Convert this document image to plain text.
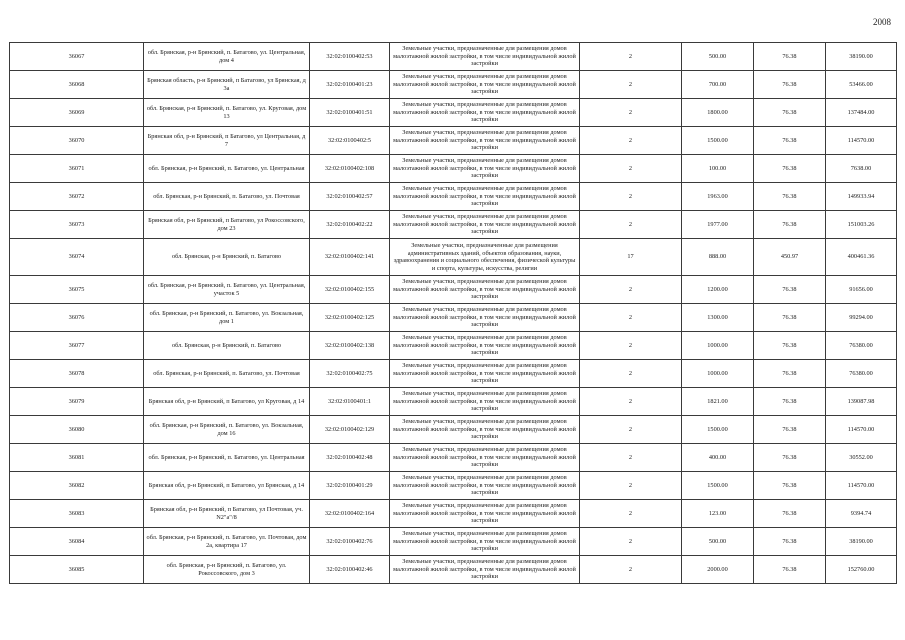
2008
36067	обл. Брянская, р-н Брянский, п. Батагово, ул. Центральная, дом 4	32:02:0100402:53	Земельные участки, предназначенные для размещения домов малоэтажной жилой застройки, в том числе индивидуальной жилой застройки	2	500.00	76.38	38190.00
36068	Брянская область, р-н Брянский, п Батагово, ул Брянская, д 3а	32:02:0100401:23	Земельные участки, предназначенные для размещения домов малоэтажной жилой застройки, в том числе индивидуальной жилой застройки	2	700.00	76.38	53466.00
36069	обл. Брянская, р-н Брянский, п. Батагово, ул. Круговая, дом 13	32:02:0100401:51	Земельные участки, предназначенные для размещения домов малоэтажной жилой застройки, в том числе индивидуальной жилой застройки	2	1800.00	76.38	137484.00
36070	Брянская обл, р-н Брянский, п Батагово, ул Центральная, д 7	32:02:0100402:5	Земельные участки, предназначенные для размещения домов малоэтажной жилой застройки, в том числе индивидуальной жилой застройки	2	1500.00	76.38	114570.00
36071	обл. Брянская, р-н Брянский, п. Батагово, ул. Центральная	32:02:0100402:108	Земельные участки, предназначенные для размещения домов малоэтажной жилой застройки, в том числе индивидуальной жилой застройки	2	100.00	76.38	7638.00
36072	обл. Брянская, р-н Брянский, п. Батагово, ул. Почтовая	32:02:0100402:57	Земельные участки, предназначенные для размещения домов малоэтажной жилой застройки, в том числе индивидуальной жилой застройки	2	1963.00	76.38	149933.94
36073	Брянская обл, р-н Брянский, п Батагово, ул Рокоссовского, дом 23	32:02:0100402:22	Земельные участки, предназначенные для размещения домов малоэтажной жилой застройки, в том числе индивидуальной жилой застройки	2	1977.00	76.38	151003.26
36074	обл. Брянская, р-н Брянский, п. Батагово	32:02:0100402:141	Земельные участки, предназначенные для размещения административных зданий, объектов образования, науки, здравоохранения и социального обеспечения, физической культуры и спорта, культуры, искусства, религии	17	888.00	450.97	400461.36
36075	обл. Брянская, р-н Брянский, п. Батагово, ул. Центральная, участок 5	32:02:0100402:155	Земельные участки, предназначенные для размещения домов малоэтажной жилой застройки, в том числе индивидуальной жилой застройки	2	1200.00	76.38	91656.00
36076	обл. Брянская, р-н Брянский, п. Батагово, ул. Вокзальная, дом 1	32:02:0100402:125	Земельные участки, предназначенные для размещения домов малоэтажной жилой застройки, в том числе индивидуальной жилой застройки	2	1300.00	76.38	99294.00
36077	обл. Брянская, р-н Брянский, п. Батагово	32:02:0100402:138	Земельные участки, предназначенные для размещения домов малоэтажной жилой застройки, в том числе индивидуальной жилой застройки	2	1000.00	76.38	76380.00
36078	обл. Брянская, р-н Брянский, п. Батагово, ул. Почтовая	32:02:0100402:75	Земельные участки, предназначенные для размещения домов малоэтажной жилой застройки, в том числе индивидуальной жилой застройки	2	1000.00	76.38	76380.00
36079	Брянская обл, р-н Брянский, п Батагово, ул Круговая, д 14	32:02:0100401:1	Земельные участки, предназначенные для размещения домов малоэтажной жилой застройки, в том числе индивидуальной жилой застройки	2	1821.00	76.38	139087.98
36080	обл. Брянская, р-н Брянский, п. Батагово, ул. Вокзальная, дом 16	32:02:0100402:129	Земельные участки, предназначенные для размещения домов малоэтажной жилой застройки, в том числе индивидуальной жилой застройки	2	1500.00	76.38	114570.00
36081	обл. Брянская, р-н Брянский, п. Батагово, ул. Центральная	32:02:0100402:48	Земельные участки, предназначенные для размещения домов малоэтажной жилой застройки, в том числе индивидуальной жилой застройки	2	400.00	76.38	30552.00
36082	Брянская обл, р-н Брянский, п Батагово, ул Брянская, д 14	32:02:0100401:29	Земельные участки, предназначенные для размещения домов малоэтажной жилой застройки, в том числе индивидуальной жилой застройки	2	1500.00	76.38	114570.00
36083	Брянская обл, р-н Брянский, п Батагово, ул Почтовая, уч. N2"а"/8	32:02:0100402:164	Земельные участки, предназначенные для размещения домов малоэтажной жилой застройки, в том числе индивидуальной жилой застройки	2	123.00	76.38	9394.74
36084	обл. Брянская, р-н Брянский, п. Батагово, ул. Почтовая, дом 2а, квартира 17	32:02:0100402:76	Земельные участки, предназначенные для размещения домов малоэтажной жилой застройки, в том числе индивидуальной жилой застройки	2	500.00	76.38	38190.00
36085	обл. Брянская, р-н Брянский, п. Батагово, ул. Рокоссовского, дом 3	32:02:0100402:46	Земельные участки, предназначенные для размещения домов малоэтажной жилой застройки, в том числе индивидуальной жилой застройки	2	2000.00	76.38	152760.00
